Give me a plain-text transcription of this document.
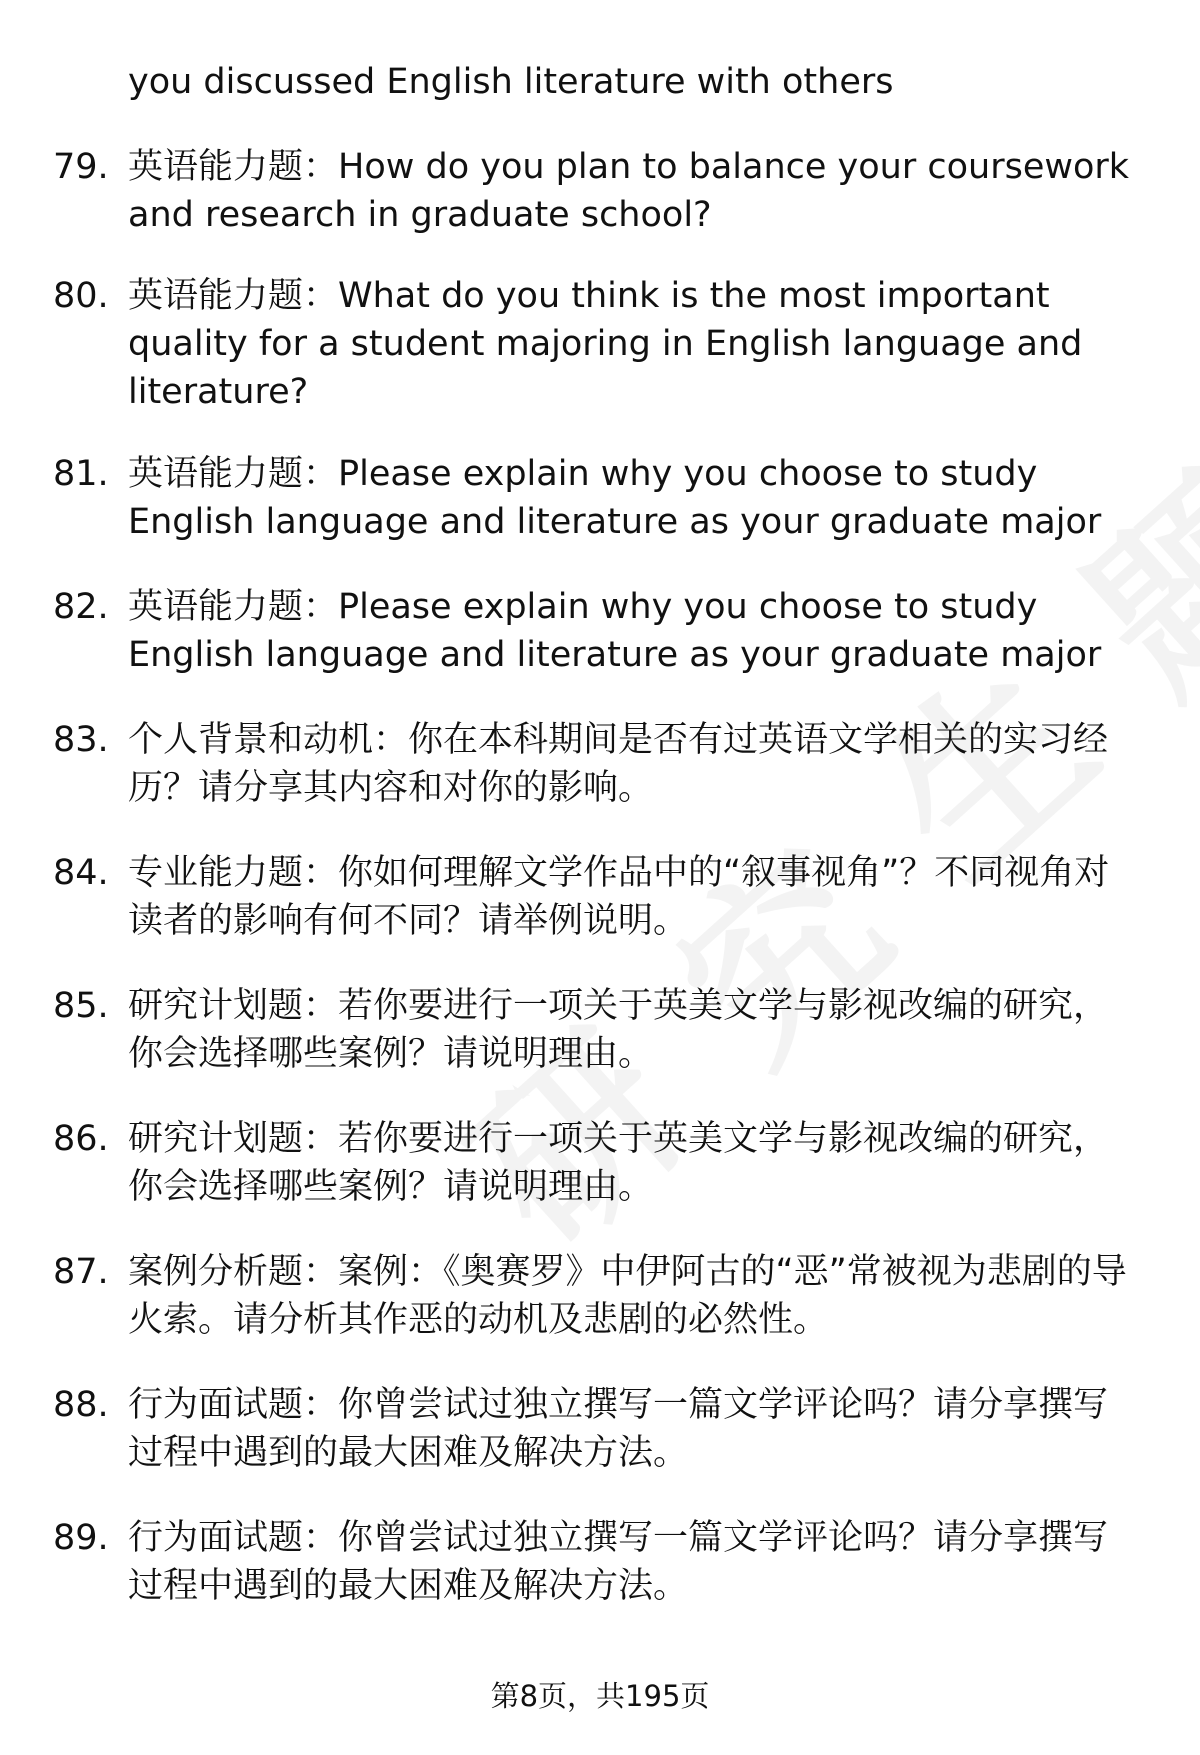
you discussed English literature with others
79. 英语能力题：How do you plan to balance your coursework and research in graduate school?
80. 英语能力题：What do you think is the most important quality for a student majoring in English language and literature?
81. 英语能力题：Please explain why you choose to study English language and literature as your graduate major
82. 英语能力题：Please explain why you choose to study English language and literature as your graduate major
83. 个人背景和动机：你在本科期间是否有过英语文学相关的实习经历？请分享其内容和对你的影响。
84. 专业能力题：你如何理解文学作品中的“叙事视角”？不同视角对读者的影响有何不同？请举例说明。
85. 研究计划题：若你要进行一项关于英美文学与影视改编的研究，你会选择哪些案例？请说明理由。
86. 研究计划题：若你要进行一项关于英美文学与影视改编的研究，你会选择哪些案例？请说明理由。
87. 案例分析题：案例：《奥赛罗》中伊阿古的“恶”常被视为悲剧的导火索。请分析其作恶的动机及悲剧的必然性。
88. 行为面试题：你曾尝试过独立撰写一篇文学评论吗？请分享撰写过程中遇到的最大困难及解决方法。
89. 行为面试题：你曾尝试过独立撰写一篇文学评论吗？请分享撰写过程中遇到的最大困难及解决方法。
第8页，共195页
